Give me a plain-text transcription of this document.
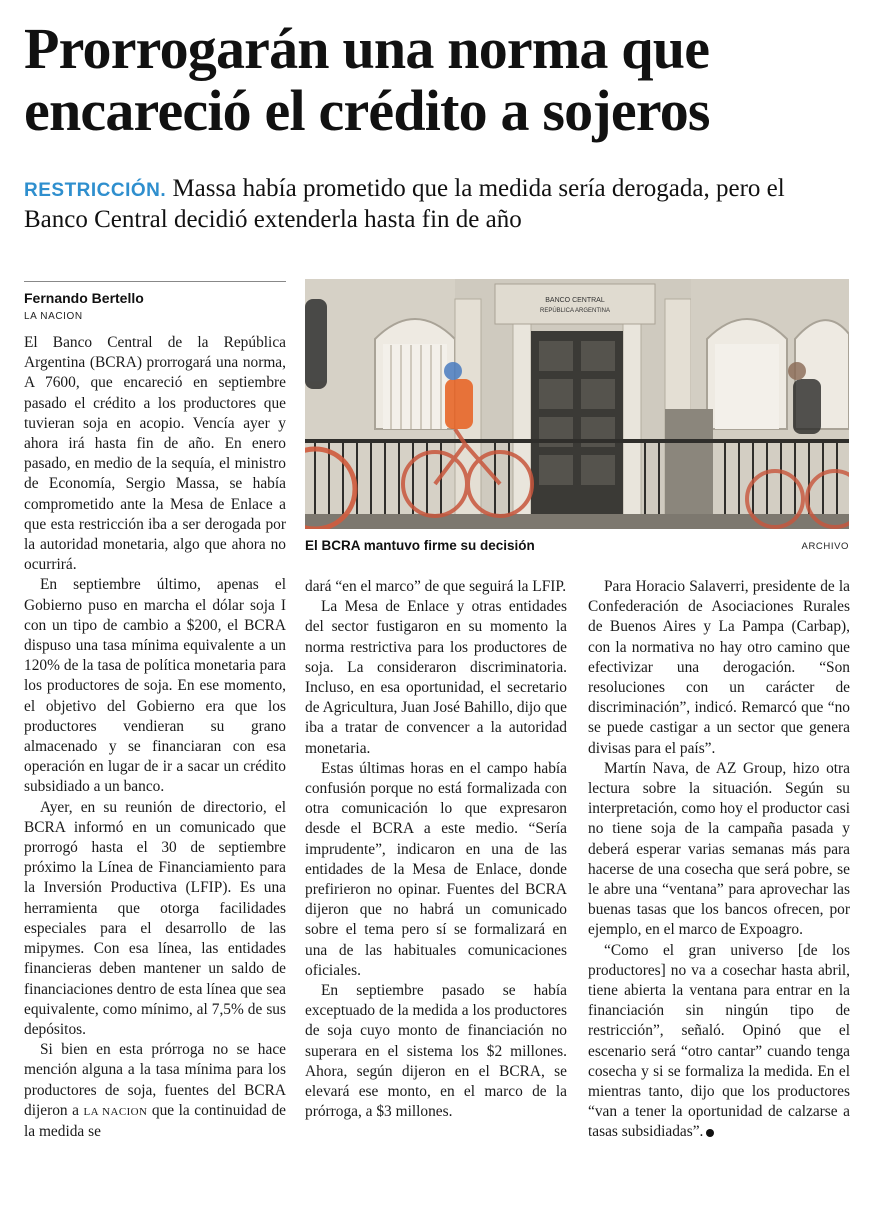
Prorrogarán una norma que
encareció el crédito a sojeros
RESTRICCIÓN. Massa había prometido que la medida sería derogada, pero el Banco Central decidió extenderla hasta fin de año
Fernando Bertello
LA NACION

El Banco Central de la República Argentina (BCRA) prorrogará una norma, A 7600, que encareció en septiembre pasado el crédito a los productores que tuvieran soja en acopio. Vencía ayer y ahora irá hasta fin de año. En enero pasado, en medio de la sequía, el ministro de Economía, Sergio Massa, se había comprometido ante la Mesa de Enlace a que esta restricción iba a ser derogada por la autoridad monetaria, algo que ahora no ocurrirá.

En septiembre último, apenas el Gobierno puso en marcha el dólar soja I con un tipo de cambio a $200, el BCRA dispuso una tasa mínima equivalente a un 120% de la tasa de política monetaria para los productores de soja. En ese momento, el objetivo del Gobierno era que los productores vendieran su grano almacenado y se financiaran con esa operación en lugar de ir a sacar un crédito subsidiado a un banco.

Ayer, en su reunión de directorio, el BCRA informó en un comunicado que prorrogó hasta el 30 de septiembre próximo la Línea de Financiamiento para la Inversión Productiva (LFIP). Es una herramienta que otorga facilidades especiales para el desarrollo de las mipymes. Con esa línea, las entidades financieras deben mantener un saldo de financiaciones dentro de esta línea que sea equivalente, como mínimo, al 7,5% de sus depósitos.

Si bien en esta prórroga no se hace mención alguna a la tasa mínima para los productores de soja, fuentes del BCRA dijeron a LA NACION que la continuidad de la medida se

BANCO CENTRAL
REPÚBLICA ARGENTINA
El BCRA mantuvo firme su decisión	ARCHIVO

dará “en el marco” de que seguirá la LFIP.

La Mesa de Enlace y otras entidades del sector fustigaron en su momento la norma restrictiva para los productores de soja. La consideraron discriminatoria. Incluso, en esa oportunidad, el secretario de Agricultura, Juan José Bahillo, dijo que iba a tratar de convencer a la autoridad monetaria.

Estas últimas horas en el campo había confusión porque no está formalizada con otra comunicación lo que expresaron desde el BCRA a este medio. “Sería imprudente”, indicaron en una de las entidades de la Mesa de Enlace, donde prefirieron no opinar. Fuentes del BCRA dijeron que no habrá un comunicado sobre el tema pero sí se formalizará en una de las habituales comunicaciones oficiales.

En septiembre pasado se había exceptuado de la medida a los productores de soja cuyo monto de financiación no superara en el sistema los $2 millones. Ahora, según dijeron en el BCRA, se elevará ese monto, en el marco de la prórroga, a $3 millones.

Para Horacio Salaverri, presidente de la Confederación de Asociaciones Rurales de Buenos Aires y La Pampa (Carbap), con la normativa no hay otro camino que efectivizar una derogación. “Son resoluciones con un carácter de discriminación”, indicó. Remarcó que “no se puede castigar a un sector que genera divisas para el país”.

Martín Nava, de AZ Group, hizo otra lectura sobre la situación. Según su interpretación, como hoy el productor casi no tiene soja de la campaña pasada y deberá esperar varias semanas más para hacerse de una cosecha que será pobre, se le abre una “ventana” para aprovechar las buenas tasas que los bancos ofrecen, por ejemplo, en el marco de Expoagro.

“Como el gran universo [de los productores] no va a cosechar hasta abril, tiene abierta la ventana para entrar en la financiación sin ningún tipo de restricción”, señaló. Opinó que el escenario será “otro cantar” cuando tenga cosecha y si se formaliza la medida. En el mientras tanto, dijo que los productores “van a tener la oportunidad de calzarse a tasas subsidiadas”.
